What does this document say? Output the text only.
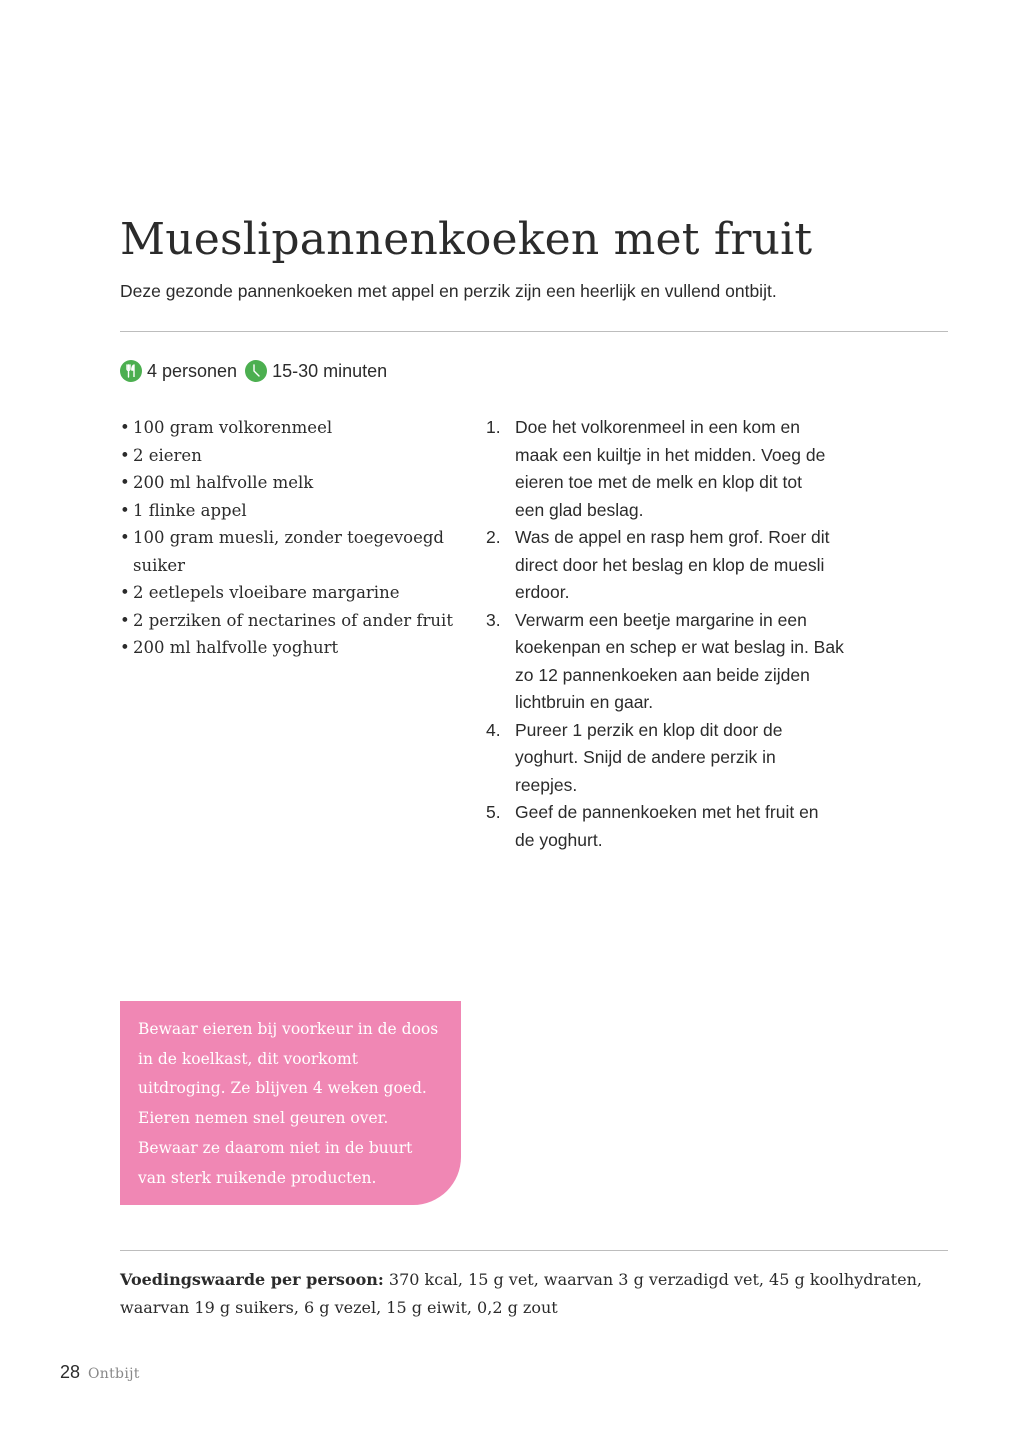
Mueslipannenkoeken met fruit

Deze gezonde pannenkoeken met appel en perzik zijn een heerlijk en vullend ontbijt.

4 personen 15-30 minuten
• 100 gram volkorenmeel
• 2 eieren
• 200 ml halfvolle melk
• 1 flinke appel
• 100 gram muesli, zonder toegevoegd suiker
• 2 eetlepels vloeibare margarine
• 2 perziken of nectarines of ander fruit
• 200 ml halfvolle yoghurt
1. Doe het volkorenmeel in een kom en maak een kuiltje in het midden. Voeg de eieren toe met de melk en klop dit tot een glad beslag.
2. Was de appel en rasp hem grof. Roer dit direct door het beslag en klop de muesli erdoor.
3. Verwarm een beetje margarine in een koekenpan en schep er wat beslag in. Bak zo 12 pannenkoeken aan beide zijden lichtbruin en gaar.
4. Pureer 1 perzik en klop dit door de yoghurt. Snijd de andere perzik in reepjes.
5. Geef de pannenkoeken met het fruit en de yoghurt.
Bewaar eieren bij voorkeur in de doos in de koelkast, dit voorkomt uitdroging. Ze blijven 4 weken goed. Eieren nemen snel geuren over. Bewaar ze daarom niet in de buurt van sterk ruikende producten.

Voedingswaarde per persoon: 370 kcal, 15 g vet, waarvan 3 g verzadigd vet, 45 g koolhydraten, waarvan 19 g suikers, 6 g vezel, 15 g eiwit, 0,2 g zout

28 Ontbijt
